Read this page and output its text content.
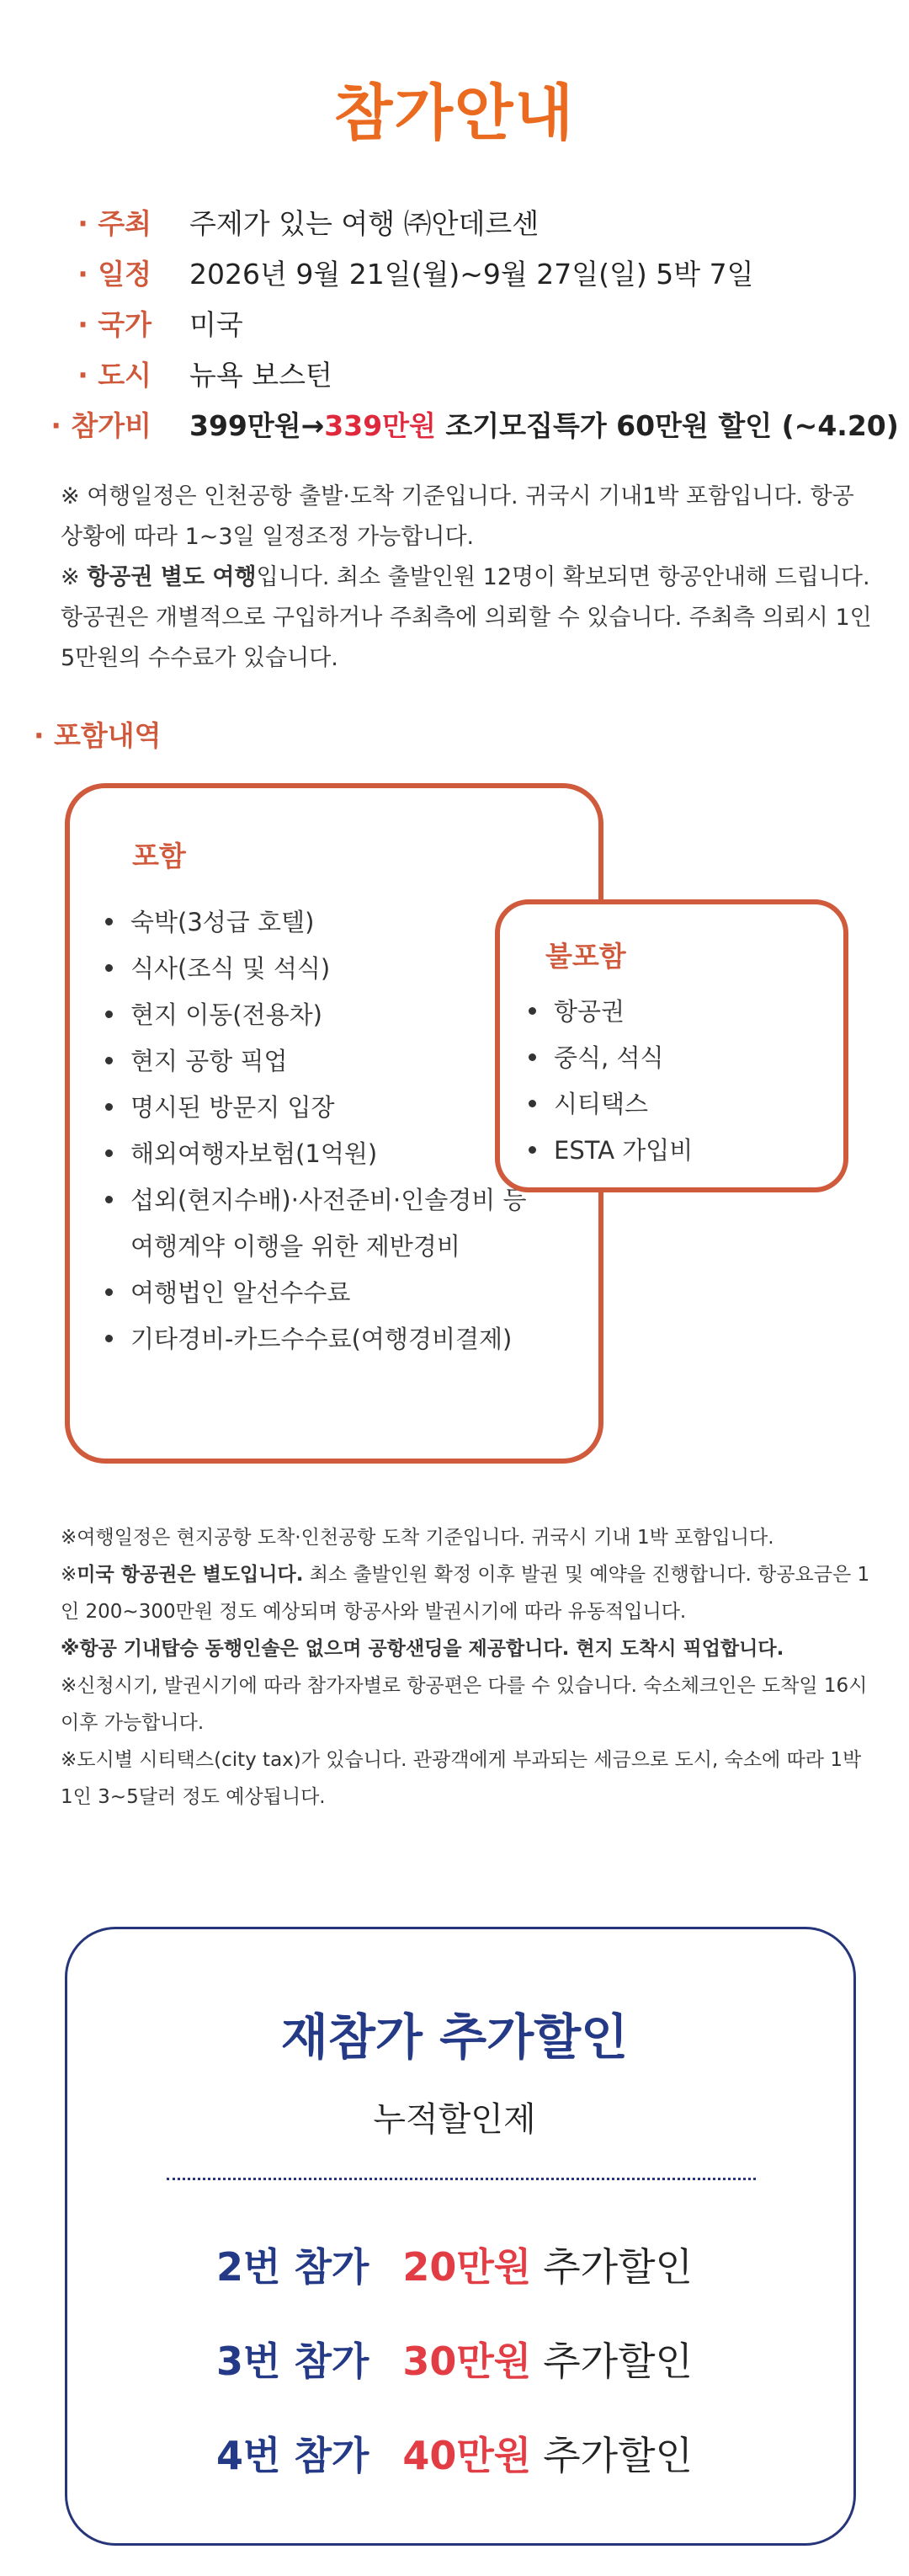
참가안내
· 주최 주제가 있는 여행 ㈜안데르센
· 일정 2026년 9월 21일(월)~9월 27일(일) 5박 7일
· 국가 미국
· 도시 뉴욕 보스턴
· 참가비 399만원→339만원 조기모집특가 60만원 할인 (~4.20)
※ 여행일정은 인천공항 출발·도착 기준입니다. 귀국시 기내1박 포함입니다. 항공상황에 따라 1~3일 일정조정 가능합니다.
※ 항공권 별도 여행입니다. 최소 출발인원 12명이 확보되면 항공안내해 드립니다. 항공권은 개별적으로 구입하거나 주최측에 의뢰할 수 있습니다. 주최측 의뢰시 1인 5만원의 수수료가 있습니다.
· 포함내역
포함
숙박(3성급 호텔)
식사(조식 및 석식)
현지 이동(전용차)
현지 공항 픽업
명시된 방문지 입장
해외여행자보험(1억원)
섭외(현지수배)·사전준비·인솔경비 등 여행계약 이행을 위한 제반경비
여행법인 알선수수료
기타경비-카드수수료(여행경비결제)
불포함
항공권
중식, 석식
시티택스
ESTA 가입비
※여행일정은 현지공항 도착·인천공항 도착 기준입니다. 귀국시 기내 1박 포함입니다.
※미국 항공권은 별도입니다. 최소 출발인원 확정 이후 발권 및 예약을 진행합니다. 항공요금은 1인 200~300만원 정도 예상되며 항공사와 발권시기에 따라 유동적입니다.
※항공 기내탑승 동행인솔은 없으며 공항샌딩을 제공합니다. 현지 도착시 픽업합니다.
※신청시기, 발권시기에 따라 참가자별로 항공편은 다를 수 있습니다. 숙소체크인은 도착일 16시 이후 가능합니다.
※도시별 시티택스(city tax)가 있습니다. 관광객에게 부과되는 세금으로 도시, 숙소에 따라 1박 1인 3~5달러 정도 예상됩니다.
재참가 추가할인
누적할인제
2번 참가 20만원 추가할인
3번 참가 30만원 추가할인
4번 참가 40만원 추가할인
